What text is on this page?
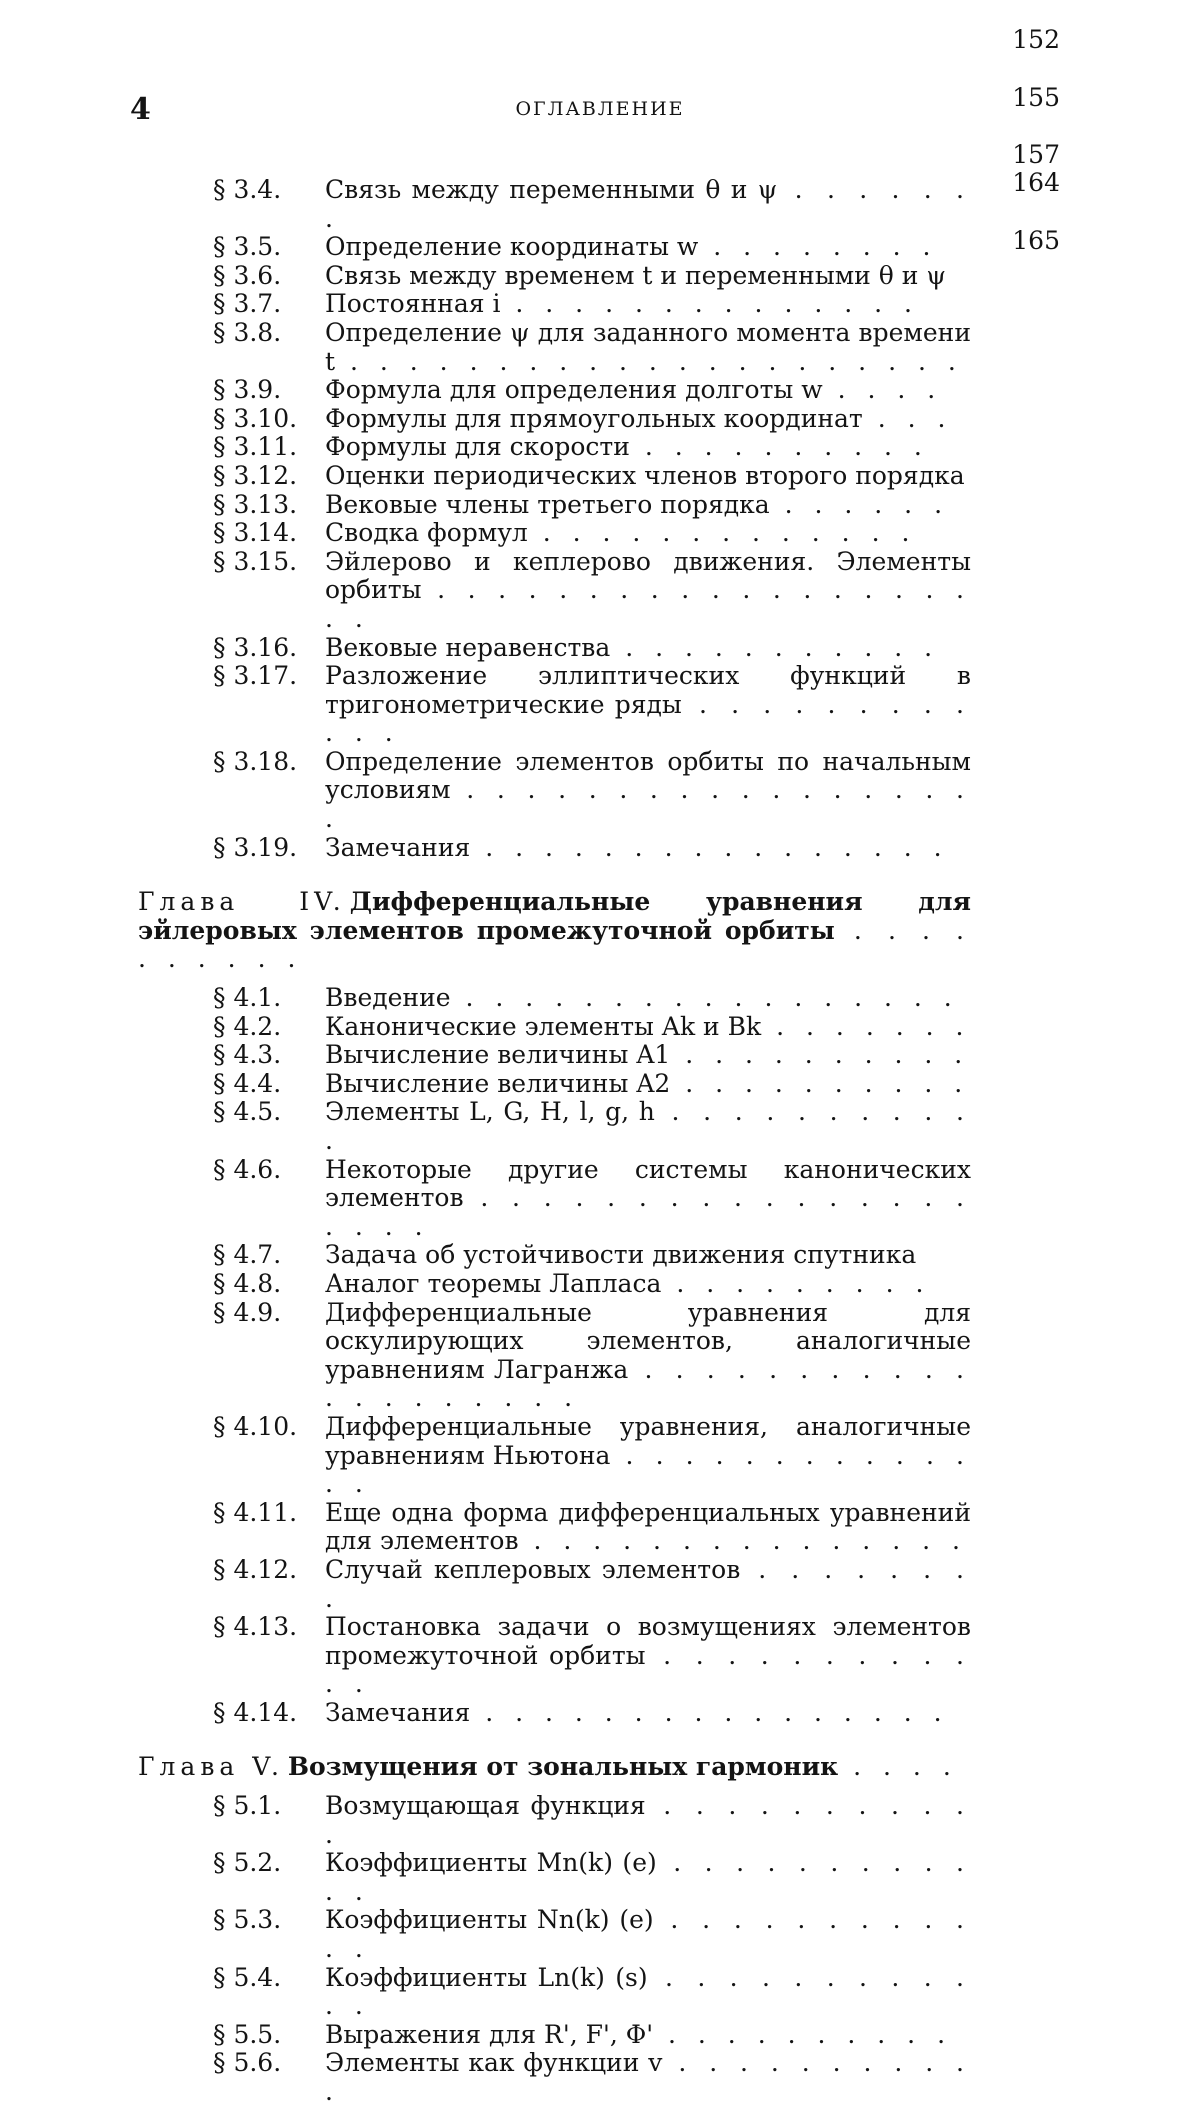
4	ОГЛАВЛЕНИЕ
§ 3.4. Связь между переменными θ и ψ . . . . . . .
§ 3.5. Определение координаты w . . . . . . . .
§ 3.6. Связь между временем t и переменными θ и ψ
§ 3.7. Постоянная i . . . . . . . . . . . . . .
§ 3.8. Определение ψ для заданного момента времени t . . . . . . . . . . . . . . . . . . . . .
§ 3.9. Формула для определения долготы w . . . .
§ 3.10. Формулы для прямоугольных координат . . .
§ 3.11. Формулы для скорости . . . . . . . . . .
§ 3.12. Оценки периодических членов второго порядка
§ 3.13. Вековые члены третьего порядка . . . . . .
§ 3.14. Сводка формул . . . . . . . . . . . . .
§ 3.15. Эйлерово и кеплерово движения. Элементы орбиты . . . . . . . . . . . . . . . . . . . .
§ 3.16. Вековые неравенства . . . . . . . . . . .
§ 3.17. Разложение эллиптических функций в тригонометрические ряды . . . . . . . . . . . .
§ 3.18. Определение элементов орбиты по начальным условиям . . . . . . . . . . . . . . . . . .
§ 3.19. Замечания . . . . . . . . . . . . . . . .
Глава IV. Дифференциальные уравнения для эйлеровых элементов промежуточной орбиты . . . . . . . . . .
§ 4.1. Введение . . . . . . . . . . . . . . . . .
§ 4.2. Канонические элементы Ak и Bk . . . . . . .
§ 4.3. Вычисление величины A1 . . . . . . . . . .
§ 4.4. Вычисление величины A2 . . . . . . . . . .
§ 4.5. Элементы L, G, H, l, g, h . . . . . . . . . . .
§ 4.6. Некоторые другие системы канонических элементов . . . . . . . . . . . . . . . . . . . .
§ 4.7. Задача об устойчивости движения спутника
§ 4.8. Аналог теоремы Лапласа . . . . . . . . .
§ 4.9. Дифференциальные уравнения для оскулирующих элементов, аналогичные уравнениям Лагранжа . . . . . . . . . . . . . . . . . . . .
§ 4.10. Дифференциальные уравнения, аналогичные уравнениям Ньютона . . . . . . . . . . . . . .
§ 4.11. Еще одна форма дифференциальных уравнений для элементов . . . . . . . . . . . . . . .
§ 4.12. Случай кеплеровых элементов . . . . . . . .
§ 4.13. Постановка задачи о возмущениях элементов промежуточной орбиты . . . . . . . . . . . .
§ 4.14. Замечания . . . . . . . . . . . . . . . .
Глава V. Возмущения от зональных гармоник . . . .
§ 5.1. Возмущающая функция . . . . . . . . . . .
§ 5.2. Коэффициенты Mn(k) (e) . . . . . . . . . . . .
152
§ 5.3. Коэффициенты Nn(k) (e) . . . . . . . . . . . .
155
§ 5.4. Коэффициенты Ln(k) (s) . . . . . . . . . . . .
157
§ 5.5. Выражения для R', F', Φ' . . . . . . . . . .
164
§ 5.6. Элементы как функции v . . . . . . . . . . .
165
